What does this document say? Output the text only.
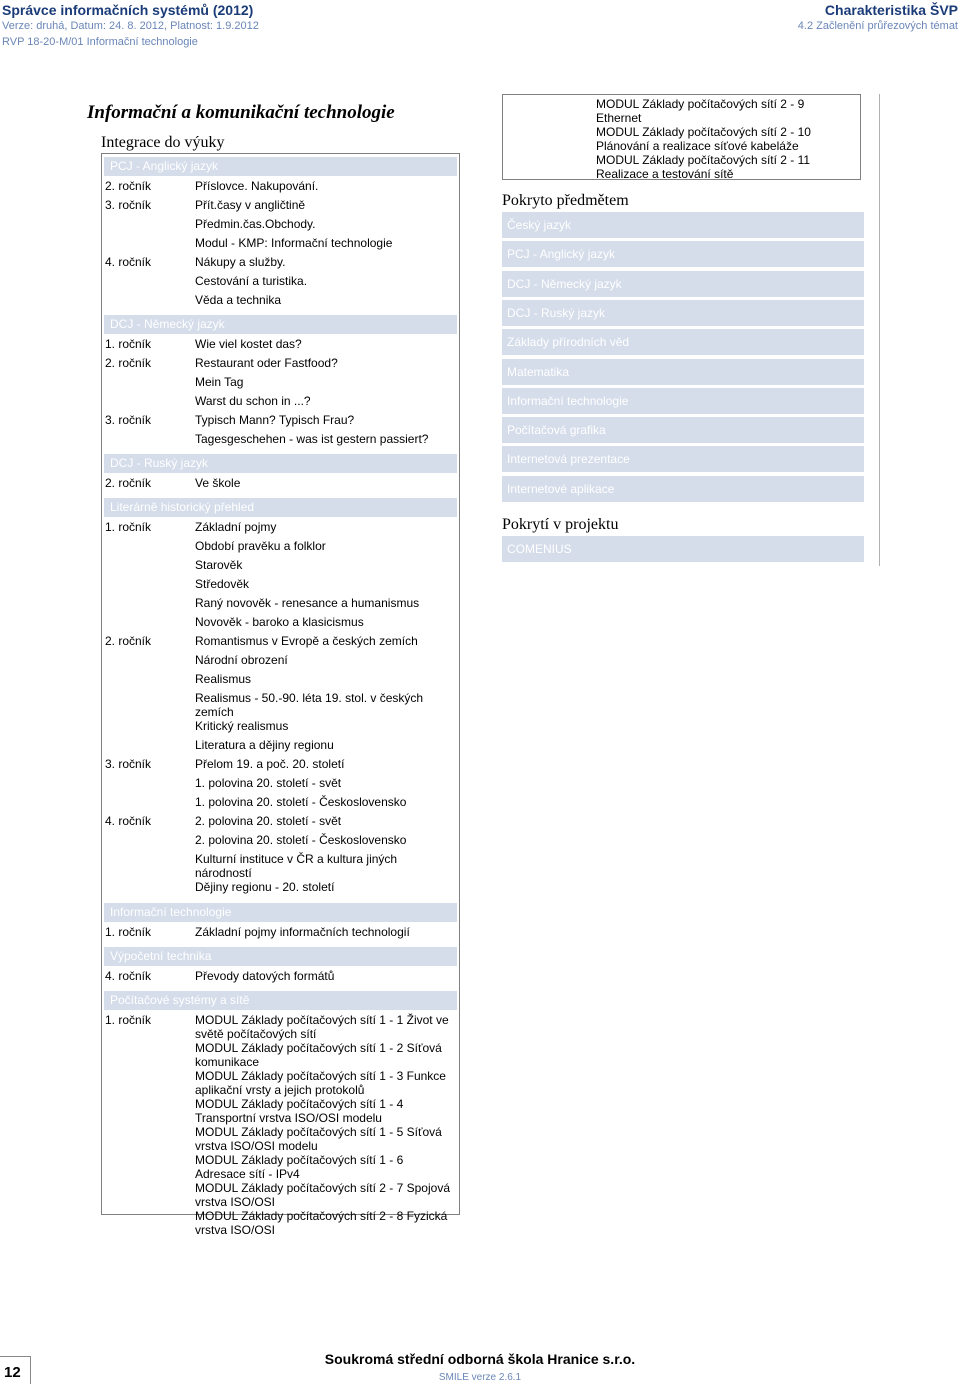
Správce informačních systémů (2012)
Verze: druhá, Datum: 24. 8. 2012, Platnost: 1.9.2012
RVP 18-20-M/01 Informační technologie
Charakteristika ŠVP
4.2 Začlenění průřezových témat
Informační a komunikační technologie
Integrace do výuky
PCJ - Anglický jazyk
2. ročník	Příslovce. Nakupování.
3. ročník	Přít.časy v angličtině
Předmin.čas.Obchody.
Modul - KMP: Informační technologie
4. ročník	Nákupy a služby.
Cestování a turistika.
Věda a technika
DCJ - Německý jazyk
1. ročník	Wie viel kostet das?
2. ročník	Restaurant oder Fastfood?
Mein Tag
Warst du schon in ...?
3. ročník	Typisch Mann? Typisch Frau?
Tagesgeschehen - was ist gestern passiert?
DCJ - Ruský jazyk
2. ročník	Ve škole
Literárně historický přehled
1. ročník	Základní pojmy
Období pravěku a folklor
Starověk
Středověk
Raný novověk - renesance a humanismus
Novověk - baroko a klasicismus
2. ročník	Romantismus v Evropě a českých zemích
Národní obrození
Realismus
Realismus - 50.-90. léta 19. stol. v českých zemích
Kritický realismus
Literatura a dějiny regionu
3. ročník	Přelom 19. a poč. 20. století
1. polovina 20. století - svět
1. polovina 20. století - Československo
4. ročník	2. polovina 20. století - svět
2. polovina 20. století - Československo
Kulturní instituce v ČR a kultura jiných národností
Dějiny regionu - 20. století
Informační technologie
1. ročník	Základní pojmy informačních technologií
Výpočetní technika
4. ročník	Převody datových formátů
Počítačové systémy a sítě
1. ročník	MODUL Základy počítačových sítí 1 - 1 Život ve světě počítačových sítí
MODUL Základy počítačových sítí 1 - 2 Síťová komunikace
MODUL Základy počítačových sítí 1 - 3 Funkce aplikační vrsty a jejich protokolů
MODUL Základy počítačových sítí 1 - 4 Transportní vrstva ISO/OSI modelu
MODUL Základy počítačových sítí 1 - 5 Síťová vrstva ISO/OSI modelu
MODUL Základy počítačových sítí 1 - 6 Adresace sítí - IPv4
MODUL Základy počítačových sítí 2 - 7 Spojová vrstva ISO/OSI
MODUL Základy počítačových sítí 2 - 8 Fyzická vrstva ISO/OSI
MODUL Základy počítačových sítí 2 - 9 Ethernet
MODUL Základy počítačových sítí 2 - 10 Plánování a realizace síťové kabeláže
MODUL Základy počítačových sítí 2 - 11 Realizace a testování sítě
Pokryto předmětem
Český jazyk
PCJ - Anglický jazyk
DCJ - Německý jazyk
DCJ - Ruský jazyk
Základy přírodních věd
Matematika
Informační technologie
Počítačová grafika
Internetová prezentace
Internetové aplikace
Pokrytí v projektu
COMENIUS
12
Soukromá střední odborná škola Hranice s.r.o.
SMILE verze 2.6.1
